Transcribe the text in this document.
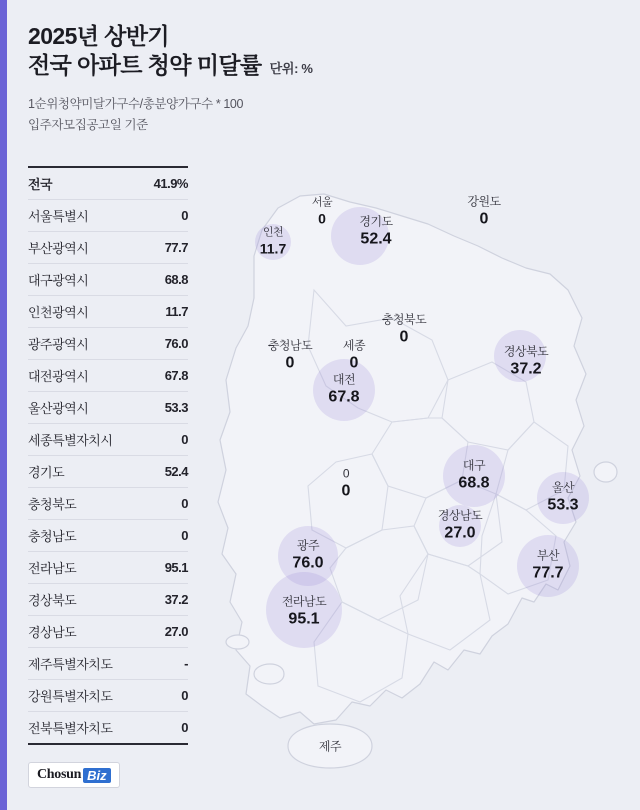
2025년 상반기
전국 아파트 청약 미달률 단위: %
1순위청약미달가구수/총분양가구수 * 100
입주자모집공고일 기준
전국	41.9%
서울특별시	0
부산광역시	77.7
대구광역시	68.8
인천광역시	11.7
광주광역시	76.0
대전광역시	67.8
울산광역시	53.3
세종특별자치시	0
경기도	52.4
충청북도	0
충청남도	0
전라남도	95.1
경상북도	37.2
경상남도	27.0
제주특별자치도	-
강원특별자치도	0
전북특별자치도	0
서울
0
인천
11.7
경기도
52.4
강원도
0
충청북도
0
충청남도
0
세종
0
대전
67.8
경상북도
37.2
대구
68.8	울산
53.3
0
0
광주
76.0
경상남도
27.0
부산
77.7
전라남도
95.1
제주
Chosun Biz
